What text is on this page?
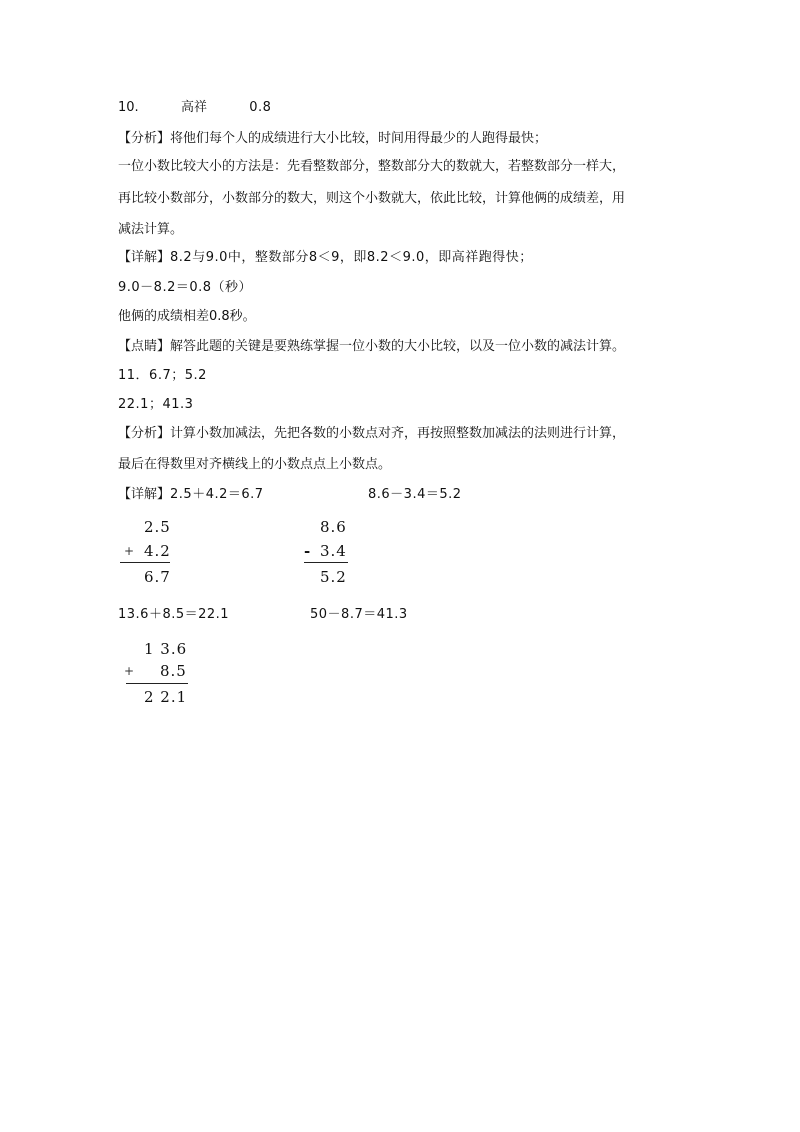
10.	高祥	0.8
【分析】将他们每个人的成绩进行大小比较，时间用得最少的人跑得最快；
一位小数比较大小的方法是：先看整数部分，整数部分大的数就大，若整数部分一样大，
再比较小数部分，小数部分的数大，则这个小数就大，依此比较，计算他俩的成绩差，用
减法计算。
【详解】8.2与9.0中，整数部分8＜9，即8.2＜9.0，即高祥跑得快；
9.0－8.2＝0.8（秒）
他俩的成绩相差0.8秒。
【点睛】解答此题的关键是要熟练掌握一位小数的大小比较，以及一位小数的减法计算。
11．6.7；5.2
22.1；41.3
【分析】计算小数加减法，先把各数的小数点对齐，再按照整数加减法的法则进行计算，
最后在得数里对齐横线上的小数点点上小数点。
【详解】2.5＋4.2＝6.7	8.6－3.4＝5.2
2.5
+ 4.2
6.7
8.6
- 3.4
5.2
13.6＋8.5＝22.1	50－8.7＝41.3
1 3.6
+ 8.5
2 2.1
